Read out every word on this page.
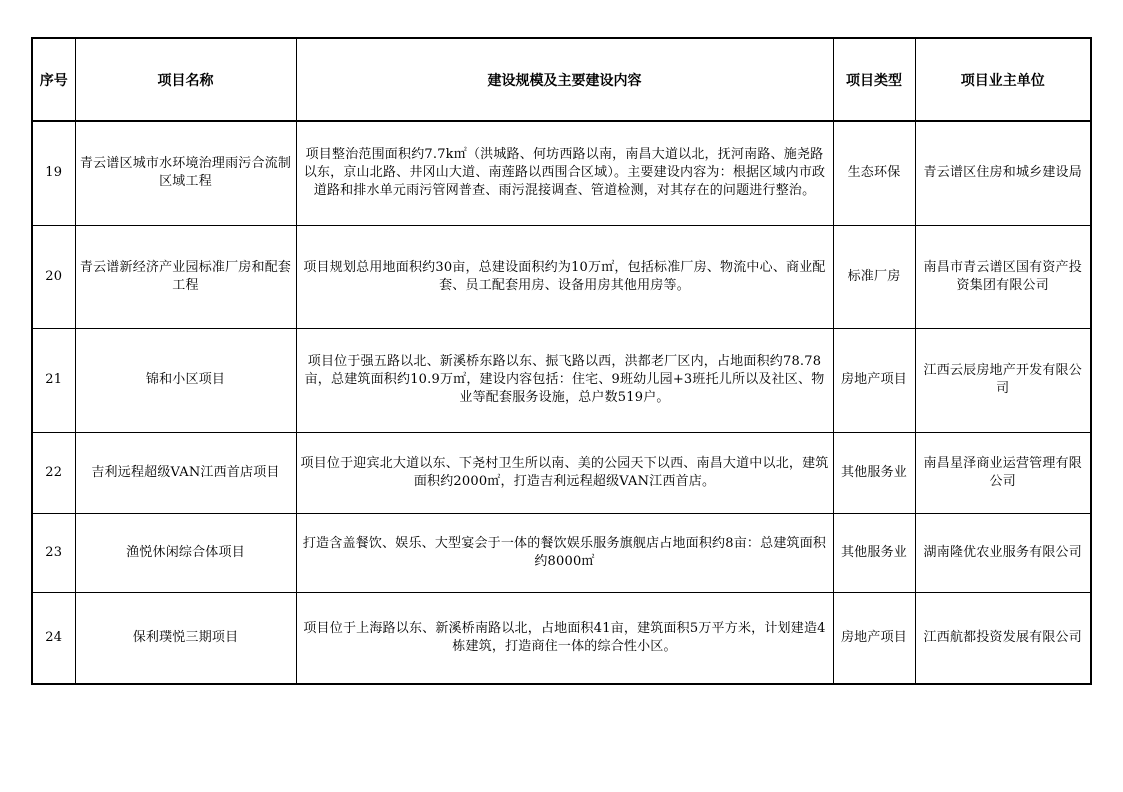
序号	项目名称	建设规模及主要建设内容	项目类型	项目业主单位
19	青云谱区城市水环境治理雨污合流制区域工程	项目整治范围面积约7.7k㎡（洪城路、何坊西路以南，南昌大道以北，抚河南路、施尧路以东，京山北路、井冈山大道、南莲路以西围合区域）。主要建设内容为：根据区域内市政道路和排水单元雨污管网普查、雨污混接调查、管道检测，对其存在的问题进行整治。	生态环保	青云谱区住房和城乡建设局
20	青云谱新经济产业园标准厂房和配套工程	项目规划总用地面积约30亩，总建设面积约为10万㎡，包括标准厂房、物流中心、商业配套、员工配套用房、设备用房其他用房等。	标准厂房	南昌市青云谱区国有资产投资集团有限公司
21	锦和小区项目	项目位于强五路以北、新溪桥东路以东、振飞路以西，洪都老厂区内，占地面积约78.78亩，总建筑面积约10.9万㎡，建设内容包括：住宅、9班幼儿园+3班托儿所以及社区、物业等配套服务设施，总户数519户。	房地产项目	江西云辰房地产开发有限公司
22	吉利远程超级VAN江西首店项目	项目位于迎宾北大道以东、下尧村卫生所以南、美的公园天下以西、南昌大道中以北，建筑面积约2000㎡，打造吉利远程超级VAN江西首店。	其他服务业	南昌星泽商业运营管理有限公司
23	渔悦休闲综合体项目	打造含盖餐饮、娱乐、大型宴会于一体的餐饮娱乐服务旗舰店占地面积约8亩：总建筑面积约8000㎡	其他服务业	湖南隆优农业服务有限公司
24	保利璞悦三期项目	项目位于上海路以东、新溪桥南路以北，占地面积41亩，建筑面积5万平方米，计划建造4栋建筑，打造商住一体的综合性小区。	房地产项目	江西航都投资发展有限公司
